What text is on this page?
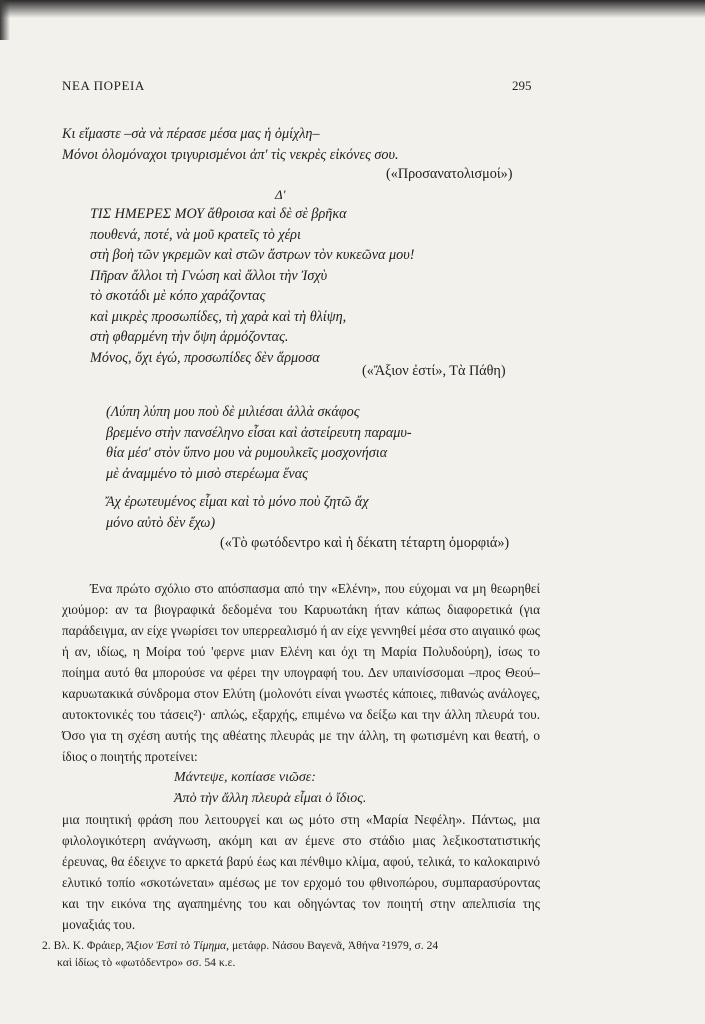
ΝΕΑ ΠΟΡΕΙΑ	295
Κι εἴμαστε –σὰ νὰ πέρασε μέσα μας ἡ ὁμίχλη–
Μόνοι ὁλομόναχοι τριγυρισμένοι ἀπ' τὶς νεκρὲς εἰκόνες σου.
(«Προσανατολισμοί»)
Δ'
ΤΙΣ ΗΜΕΡΕΣ ΜΟΥ ἄθροισα καὶ δὲ σὲ βρῆκα
πουθενά, ποτέ, νὰ μοῦ κρατεῖς τὸ χέρι
στὴ βοὴ τῶν γκρεμῶν καὶ στῶν ἄστρων τὸν κυκεῶνα μου!
Πῆραν ἄλλοι τὴ Γνώση καὶ ἄλλοι τὴν Ἰσχὺ
τὸ σκοτάδι μὲ κόπο χαράζοντας
καὶ μικρὲς προσωπίδες, τὴ χαρὰ καὶ τὴ θλίψη,
στὴ φθαρμένη τὴν ὄψη ἁρμόζοντας.
Μόνος, ὄχι ἐγώ, προσωπίδες δὲν ἅρμοσα
(«Ἄξιον ἐστί», Τὰ Πάθη)
(Λύπη λύπη μου ποὺ δὲ μιλιέσαι ἀλλὰ σκάφος
βρεμένο στὴν πανσέληνο εἶσαι καὶ ἀστείρευτη παραμυ-
θία μέσ' στὸν ὕπνο μου νὰ ρυμουλκεῖς μοσχονήσια
μὲ ἀναμμένο τὸ μισὸ στερέωμα ἕνας
Ἄχ ἐρωτευμένος εἶμαι καὶ τὸ μόνο ποὺ ζητῶ ἄχ
μόνο αὐτὸ δὲν ἔχω)
(«Τὸ φωτόδεντρο καὶ ἡ δέκατη τέταρτη ὀμορφιά»)
Ένα πρώτο σχόλιο στο απόσπασμα από την «Ελένη», που εύχομαι να μη θεωρηθεί χιούμορ: αν τα βιογραφικά δεδομένα του Καρυωτάκη ήταν κάπως διαφορετικά (για παράδειγμα, αν είχε γνωρίσει τον υπερρεαλισμό ή αν είχε γεννηθεί μέσα στο αιγαιικό φως ή αν, ιδίως, η Μοίρα τού 'φερνε μιαν Ελένη και όχι τη Μαρία Πολυδούρη), ίσως το ποίημα αυτό θα μπορούσε να φέρει την υπογραφή του. Δεν υπαινίσσομαι –προς Θεού– καρυωτακικά σύνδρομα στον Ελύτη (μολονότι είναι γνωστές κάποιες, πιθανώς ανάλογες, αυτοκτονικές του τάσεις²)· απλώς, εξαρχής, επιμένω να δείξω και την άλλη πλευρά του. Όσο για τη σχέση αυτής της αθέατης πλευράς με την άλλη, τη φωτισμένη και θεατή, ο ίδιος ο ποιητής προτείνει:
Μάντεψε, κοπίασε νιῶσε:
Ἀπὸ τὴν ἄλλη πλευρὰ εἶμαι ὁ ἴδιος.
μια ποιητική φράση που λειτουργεί και ως μότο στη «Μαρία Νεφέλη». Πάντως, μια φιλολογικότερη ανάγνωση, ακόμη και αν έμενε στο στάδιο μιας λεξικοστατιστικής έρευνας, θα έδειχνε το αρκετά βαρύ έως και πένθιμο κλίμα, αφού, τελικά, το καλοκαιρινό ελυτικό τοπίο «σκοτώνεται» αμέσως με τον ερχομό του φθινοπώρου, συμπαρασύροντας και την εικόνα της αγαπημένης του και οδηγώντας τον ποιητή στην απελπισία της μοναξιάς του.
2. Βλ. Κ. Φράιερ, Ἄξιον Ἐστὶ τὸ Τίμημα, μετάφρ. Νάσου Βαγενᾶ, Ἀθήνα ²1979, σ. 24
καὶ ἰδίως τὸ «φωτόδεντρο» σσ. 54 κ.ε.
